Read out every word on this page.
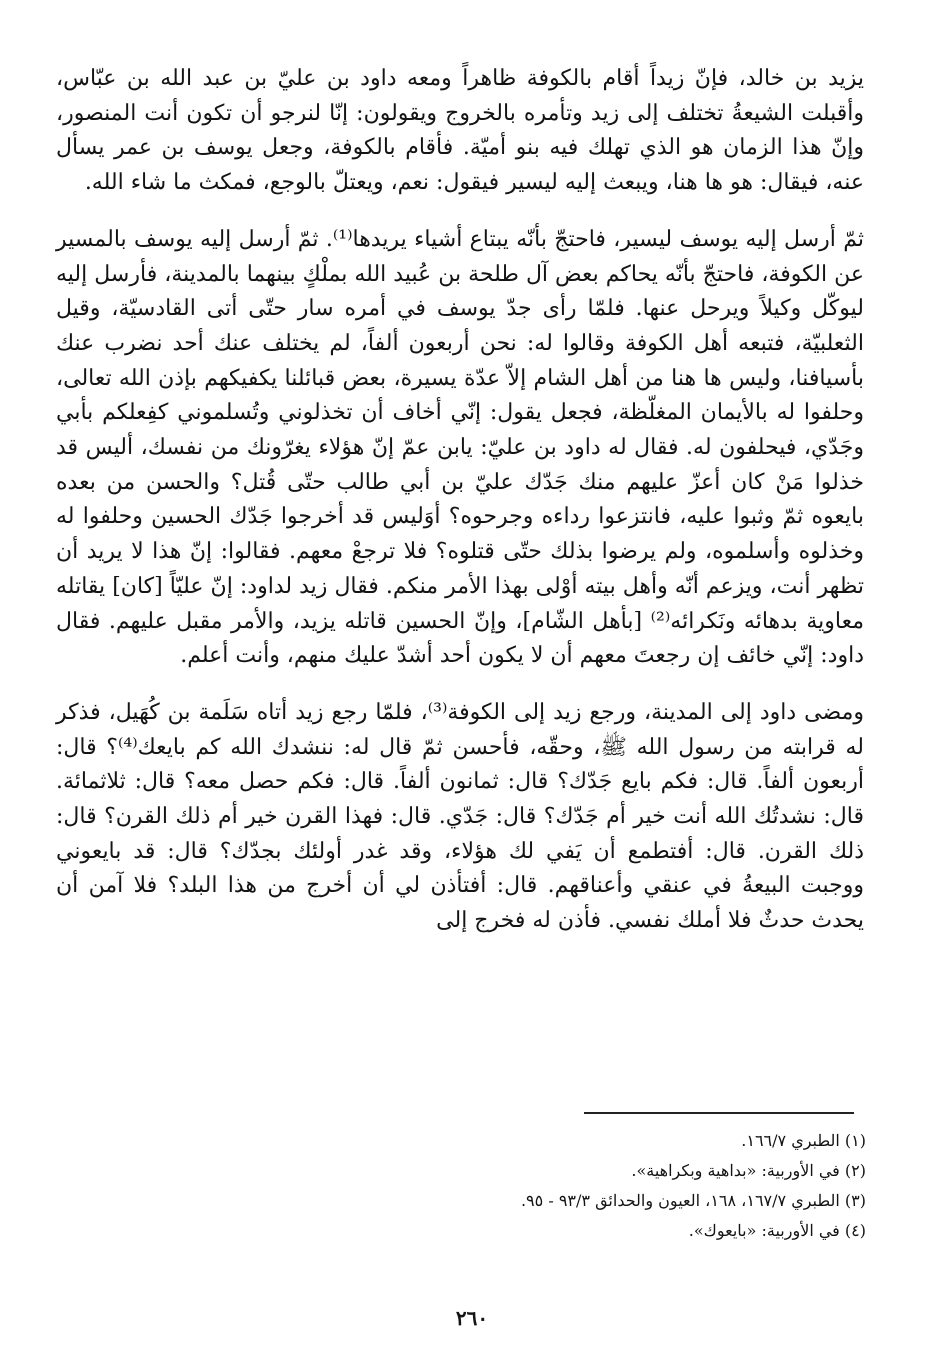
يزيد بن خالد، فإنّ زيداً أقام بالكوفة ظاهراً ومعه داود بن عليّ بن عبد الله بن عبّاس، وأقبلت الشيعةُ تختلف إلى زيد وتأمره بالخروج ويقولون: إنّا لنرجو أن تكون أنت المنصور، وإنّ هذا الزمان هو الذي تهلك فيه بنو أميّة. فأقام بالكوفة، وجعل يوسف بن عمر يسأل عنه، فيقال: هو ها هنا، ويبعث إليه ليسير فيقول: نعم، ويعتلّ بالوجع، فمكث ما شاء الله.

ثمّ أرسل إليه يوسف ليسير، فاحتجّ بأنّه يبتاع أشياء يريدها⁽¹⁾. ثمّ أرسل إليه يوسف بالمسير عن الكوفة، فاحتجّ بأنّه يحاكم بعض آل طلحة بن عُبيد الله بملْكٍ بينهما بالمدينة، فأرسل إليه ليوكّل وكيلاً ويرحل عنها. فلمّا رأى جدّ يوسف في أمره سار حتّى أتى القادسيّة، وقيل الثعلبيّة، فتبعه أهل الكوفة وقالوا له: نحن أربعون ألفاً، لم يختلف عنك أحد نضرب عنك بأسيافنا، وليس ها هنا من أهل الشام إلاّ عدّة يسيرة، بعض قبائلنا يكفيكهم بإذن الله تعالى، وحلفوا له بالأيمان المغلّظة، فجعل يقول: إنّي أخاف أن تخذلوني وتُسلموني كفِعلكم بأبي وجَدّي، فيحلفون له. فقال له داود بن عليّ: يابن عمّ إنّ هؤلاء يغرّونك من نفسك، أليس قد خذلوا مَنْ كان أعزّ عليهم منك جَدّك عليّ بن أبي طالب حتّى قُتل؟ والحسن من بعده بايعوه ثمّ وثبوا عليه، فانتزعوا رداءه وجرحوه؟ أوَليس قد أخرجوا جَدّك الحسين وحلفوا له وخذلوه وأسلموه، ولم يرضوا بذلك حتّى قتلوه؟ فلا ترجعْ معهم. فقالوا: إنّ هذا لا يريد أن تظهر أنت، ويزعم أنّه وأهل بيته أوْلى بهذا الأمر منكم. فقال زيد لداود: إنّ عليّاً [كان] يقاتله معاوية بدهائه ونَكرائه⁽²⁾ [بأهل الشّام]، وإنّ الحسين قاتله يزيد، والأمر مقبل عليهم. فقال داود: إنّي خائف إن رجعتَ معهم أن لا يكون أحد أشدّ عليك منهم، وأنت أعلم.

ومضى داود إلى المدينة، ورجع زيد إلى الكوفة⁽³⁾، فلمّا رجع زيد أتاه سَلَمة بن كُهَيل، فذكر له قرابته من رسول الله ﷺ، وحقّه، فأحسن ثمّ قال له: ننشدك الله كم بايعك⁽⁴⁾؟ قال: أربعون ألفاً. قال: فكم بايع جَدّك؟ قال: ثمانون ألفاً. قال: فكم حصل معه؟ قال: ثلاثمائة. قال: نشدتُك الله أنت خير أم جَدّك؟ قال: جَدّي. قال: فهذا القرن خير أم ذلك القرن؟ قال: ذلك القرن. قال: أفتطمع أن يَفي لك هؤلاء، وقد غدر أولئك بجدّك؟ قال: قد بايعوني ووجبت البيعةُ في عنقي وأعناقهم. قال: أفتأذن لي أن أخرج من هذا البلد؟ فلا آمن أن يحدث حدثٌ فلا أملك نفسي. فأذن له فخرج إلى

(١) الطبري ١٦٦/٧.
(٢) في الأوربية: «بداهية وبكراهية».
(٣) الطبري ١٦٧/٧، ١٦٨، العيون والحدائق ٩٣/٣ - ٩٥.
(٤) في الأوربية: «بايعوك».
٢٦٠
